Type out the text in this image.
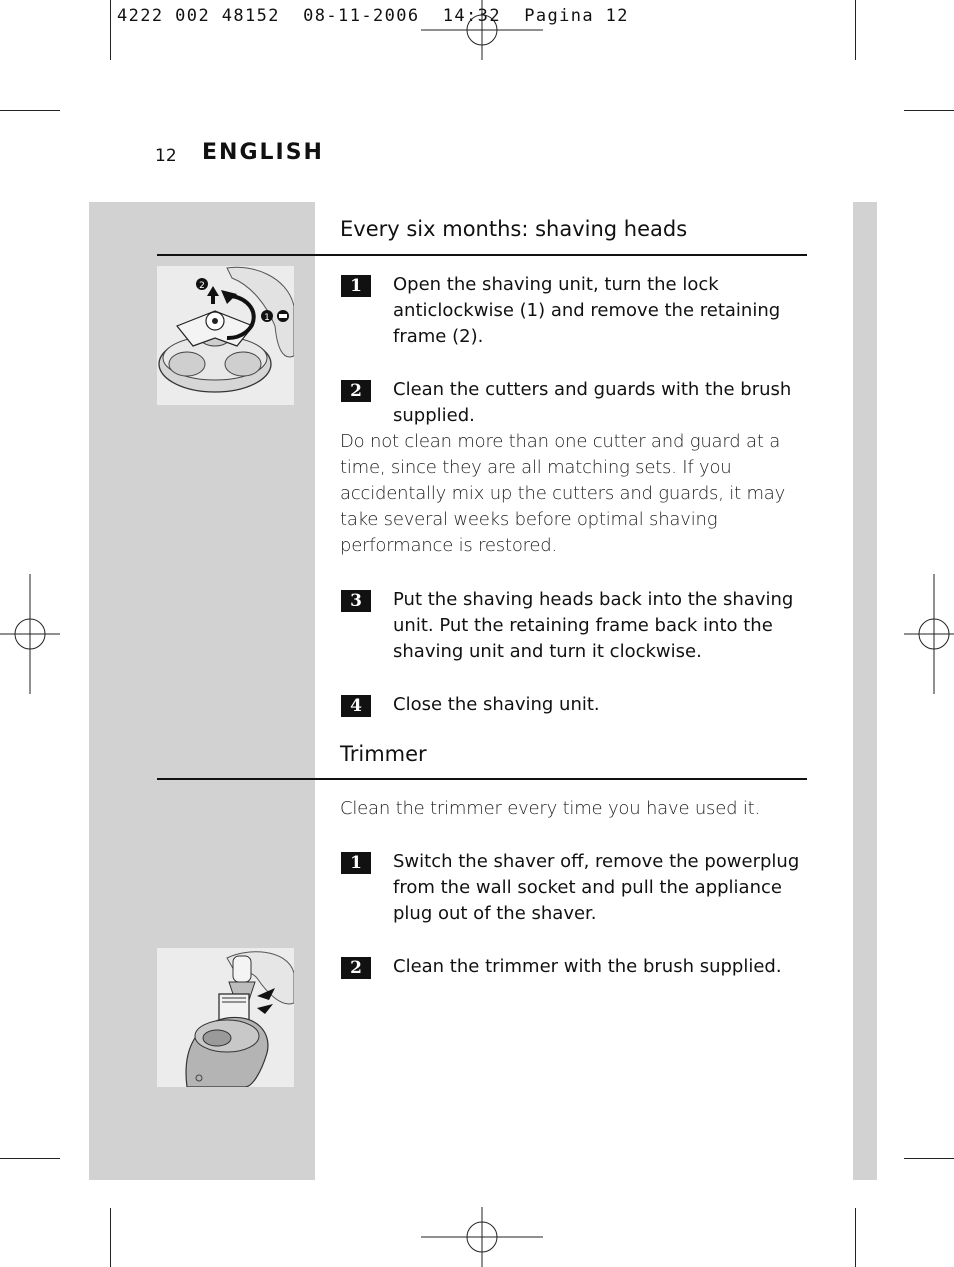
4222 002 48152  08-11-2006  14:32  Pagina 12
12 ENGLISH
Every six months: shaving heads
2
1
1	Open the shaving unit, turn the lock anticlockwise (1) and remove the retaining frame (2).
2	Clean the cutters and guards with the brush supplied.
Do not clean more than one cutter and guard at a time, since they are all matching sets. If you accidentally mix up the cutters and guards, it may take several weeks before optimal shaving performance is restored.
3	Put the shaving heads back into the shaving unit. Put the retaining frame back into the shaving unit and turn it clockwise.
4	Close the shaving unit.
Trimmer
Clean the trimmer every time you have used it.
1	Switch the shaver off, remove the powerplug from the wall socket and pull the appliance plug out of the shaver.
2	Clean the trimmer with the brush supplied.
